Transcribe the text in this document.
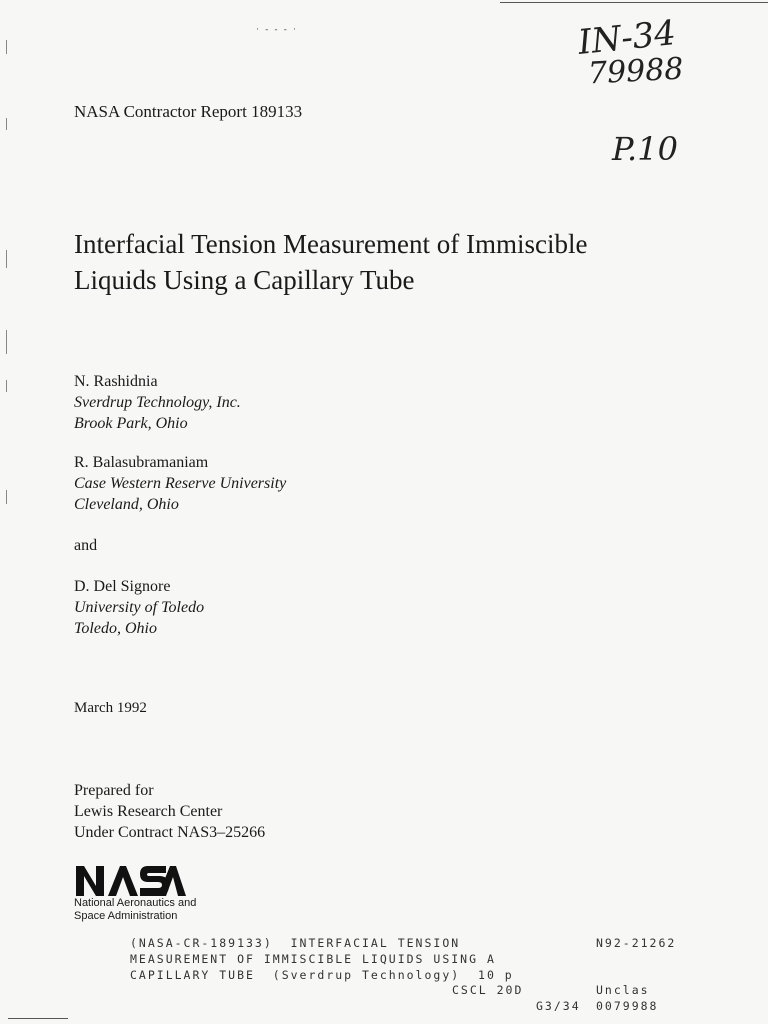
· - - - ·	IN-34
79988
P.10
NASA Contractor Report 189133
Interfacial Tension Measurement of Immiscible
Liquids Using a Capillary Tube
N. Rashidnia
Sverdrup Technology, Inc.
Brook Park, Ohio
R. Balasubramaniam
Case Western Reserve University
Cleveland, Ohio
and
D. Del Signore
University of Toledo
Toledo, Ohio
March 1992
Prepared for
Lewis Research Center
Under Contract NAS3–25266
National Aeronautics and
Space Administration
(NASA-CR-189133)  INTERFACIAL TENSION
MEASUREMENT OF IMMISCIBLE LIQUIDS USING A
CAPILLARY TUBE  (Sverdrup Technology)  10 p
CSCL 20D
G3/34
N92-21262
Unclas
0079988
